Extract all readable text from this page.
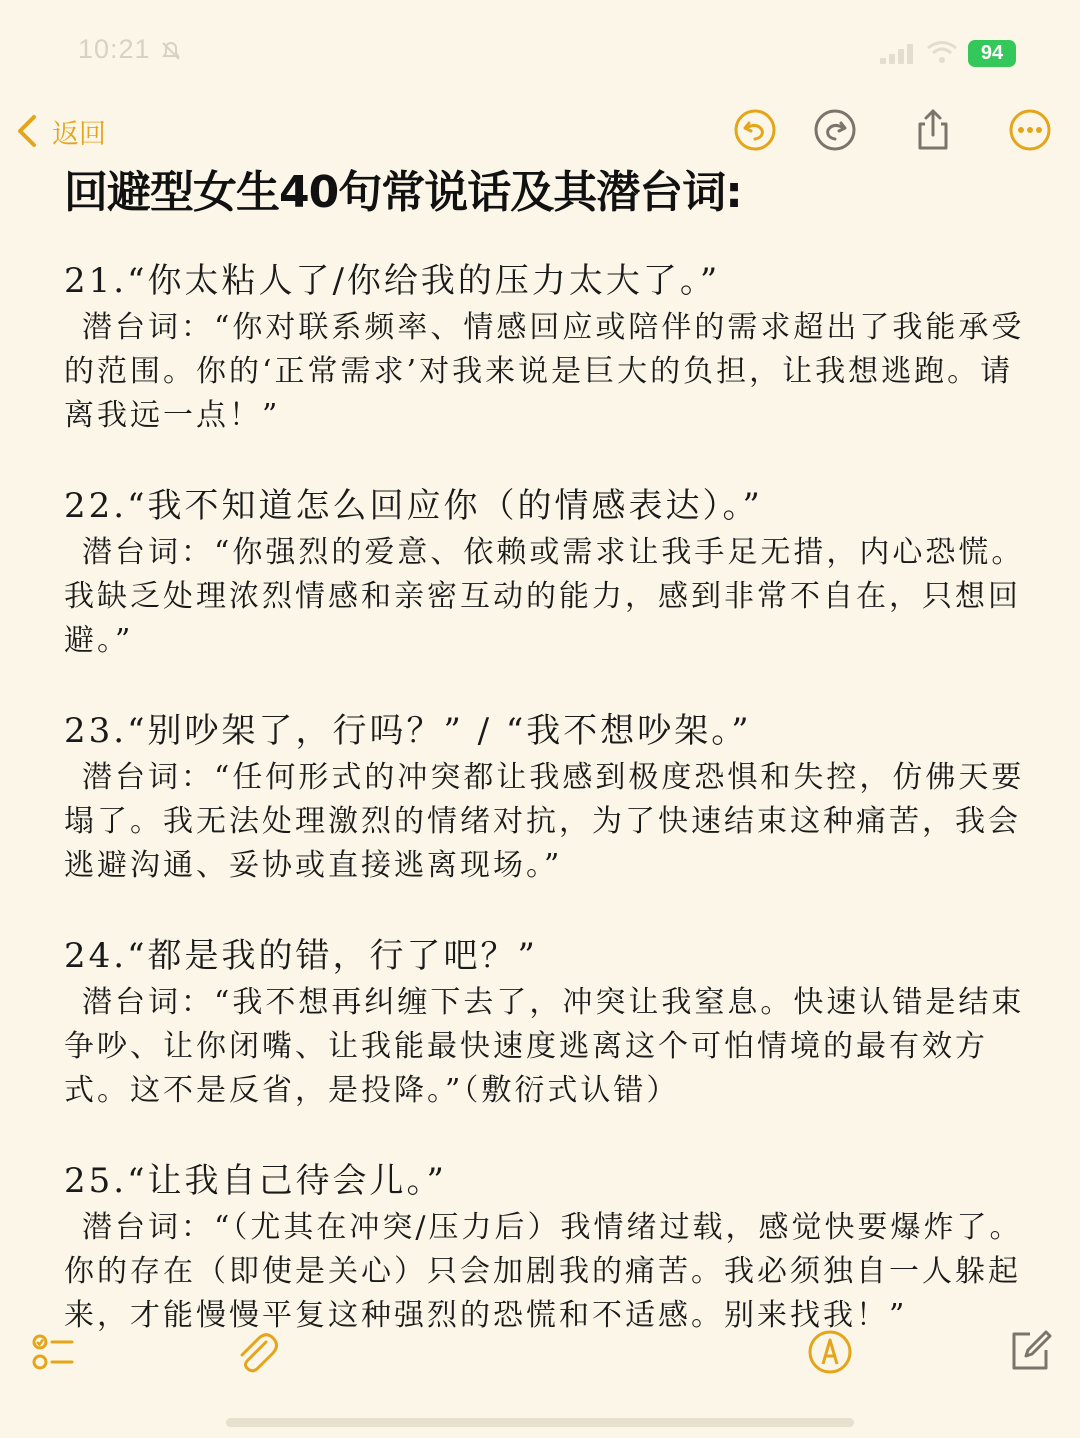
10:21	94
返回
回避型女生40句常说话及其潜台词:

21.“你太粘人了/你给我的压力太大了。”

潜台词：“你对联系频率、情感回应或陪伴的需求超出了我能承受的范围。你的‘正常需求’对我来说是巨大的负担，让我想逃跑。请离我远一点！”

22.“我不知道怎么回应你（的情感表达）。”

潜台词：“你强烈的爱意、依赖或需求让我手足无措，内心恐慌。我缺乏处理浓烈情感和亲密互动的能力，感到非常不自在，只想回避。”

23.“别吵架了，行吗？” / “我不想吵架。”

潜台词：“任何形式的冲突都让我感到极度恐惧和失控，仿佛天要塌了。我无法处理激烈的情绪对抗，为了快速结束这种痛苦，我会逃避沟通、妥协或直接逃离现场。”

24.“都是我的错，行了吧？”

潜台词：“我不想再纠缠下去了，冲突让我窒息。快速认错是结束争吵、让你闭嘴、让我能最快速度逃离这个可怕情境的最有效方式。这不是反省，是投降。”（敷衍式认错）

25.“让我自己待会儿。”

潜台词：“（尤其在冲突/压力后）我情绪过载，感觉快要爆炸了。你的存在（即使是关心）只会加剧我的痛苦。我必须独自一人躲起来，才能慢慢平复这种强烈的恐慌和不适感。别来找我！”
